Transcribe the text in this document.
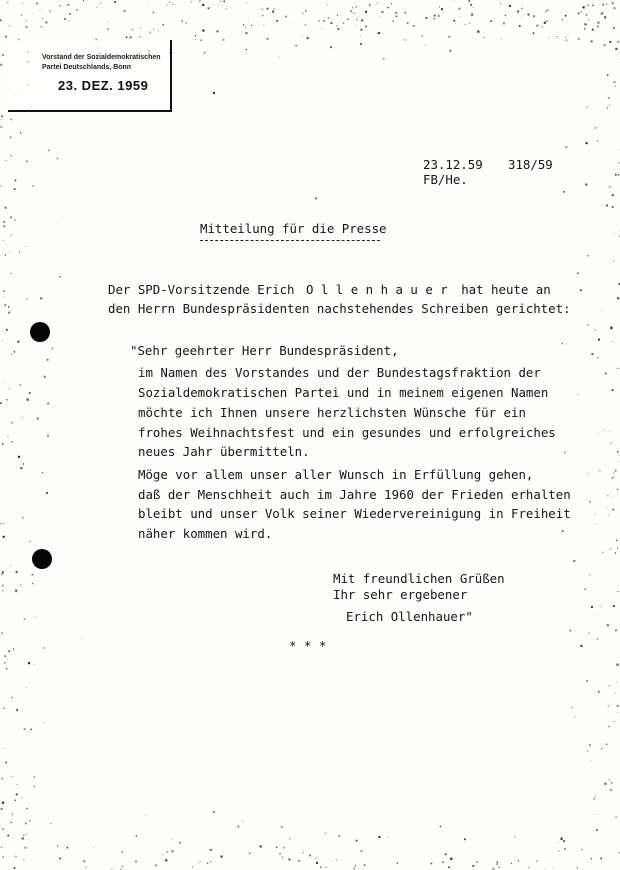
Vorstand der Sozialdemokratischen
Partei Deutschlands, Bonn
23. DEZ. 1959
23.12.59 318/59
FB/He.
Mitteilung für die Presse
Der SPD-Vorsitzende Erich O l l e n h a u e r hat heute an
den Herrn Bundespräsidenten nachstehendes Schreiben gerichtet:
"Sehr geehrter Herr Bundespräsident,
im Namen des Vorstandes und der Bundestagsfraktion der
Sozialdemokratischen Partei und in meinem eigenen Namen
möchte ich Ihnen unsere herzlichsten Wünsche für ein
frohes Weihnachtsfest und ein gesundes und erfolgreiches
neues Jahr übermitteln.
Möge vor allem unser aller Wunsch in Erfüllung gehen,
daß der Menschheit auch im Jahre 1960 der Frieden erhalten
bleibt und unser Volk seiner Wiedervereinigung in Freiheit
näher kommen wird.
Mit freundlichen Grüßen
Ihr sehr ergebener
Erich Ollenhauer"
* * *
